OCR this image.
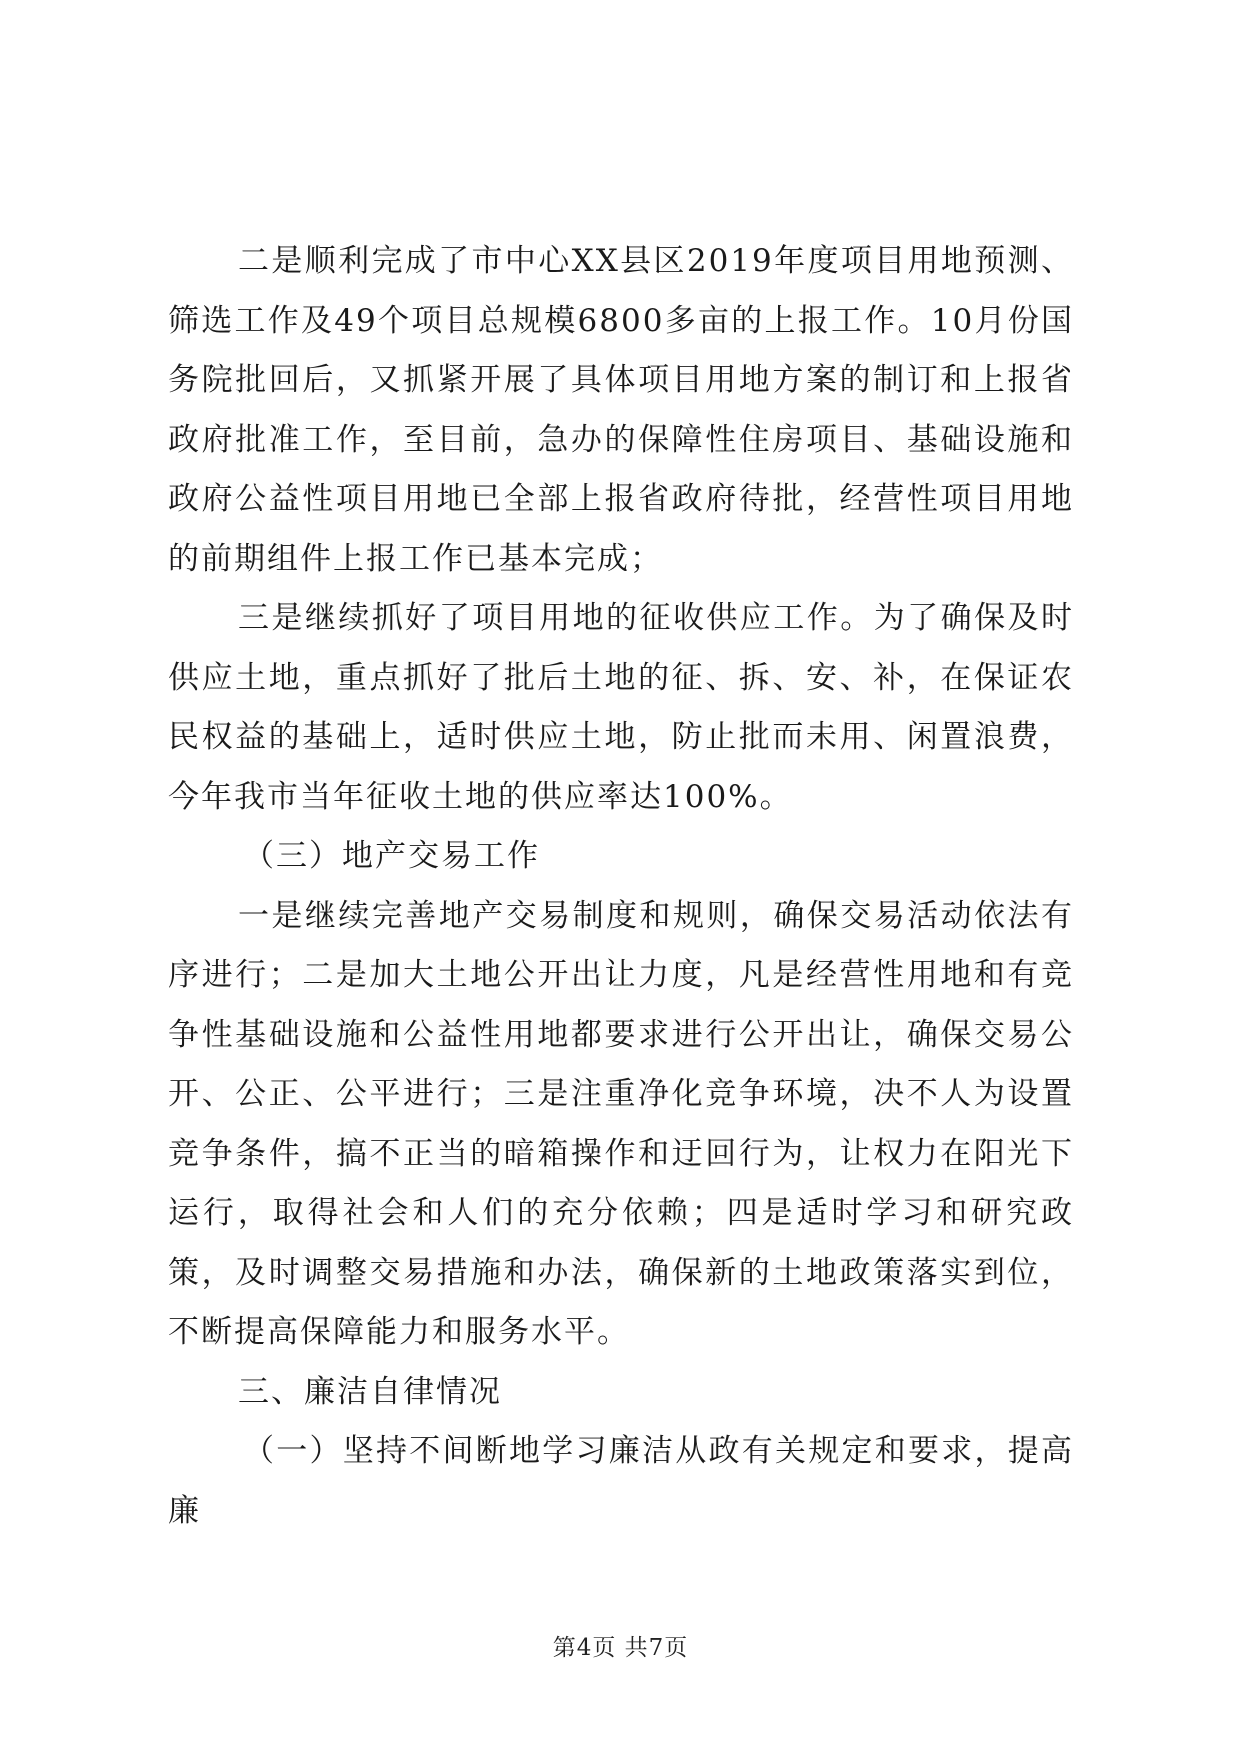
二是顺利完成了市中心XX县区2019年度项目用地预测、筛选工作及49个项目总规模6800多亩的上报工作。10月份国务院批回后，又抓紧开展了具体项目用地方案的制订和上报省政府批准工作，至目前，急办的保障性住房项目、基础设施和政府公益性项目用地已全部上报省政府待批，经营性项目用地的前期组件上报工作已基本完成；

三是继续抓好了项目用地的征收供应工作。为了确保及时供应土地，重点抓好了批后土地的征、拆、安、补，在保证农民权益的基础上，适时供应土地，防止批而未用、闲置浪费，今年我市当年征收土地的供应率达100%。

（三）地产交易工作

一是继续完善地产交易制度和规则，确保交易活动依法有序进行；二是加大土地公开出让力度，凡是经营性用地和有竞争性基础设施和公益性用地都要求进行公开出让，确保交易公开、公正、公平进行；三是注重净化竞争环境，决不人为设置竞争条件，搞不正当的暗箱操作和迂回行为，让权力在阳光下运行，取得社会和人们的充分依赖；四是适时学习和研究政策，及时调整交易措施和办法，确保新的土地政策落实到位，不断提高保障能力和服务水平。

三、廉洁自律情况

（一）坚持不间断地学习廉洁从政有关规定和要求，提高廉

第4页 共7页
